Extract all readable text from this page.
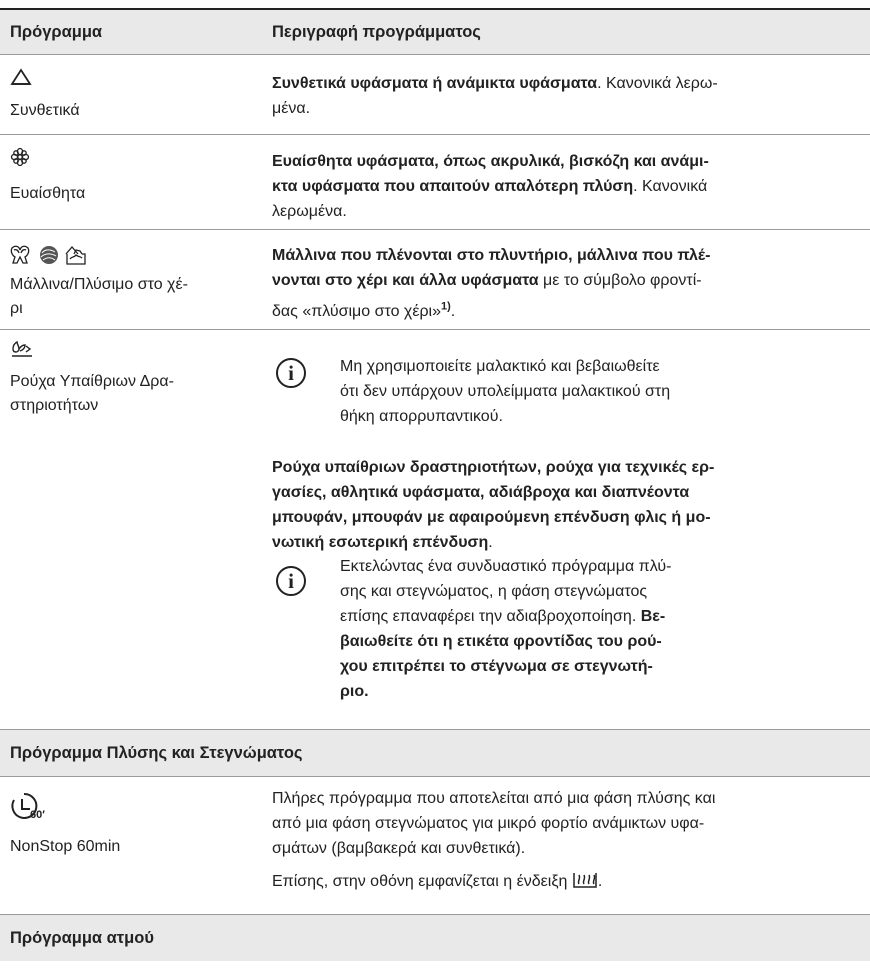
Πρόγραμμα	Περιγραφή προγράμματος
Συνθετικά
Συνθετικά υφάσματα ή ανάμικτα υφάσματα. Κανονικά λερω-
μένα.
Ευαίσθητα
Ευαίσθητα υφάσματα, όπως ακρυλικά, βισκόζη και ανάμι-
κτα υφάσματα που απαιτούν απαλότερη πλύση. Κανονικά
λερωμένα.
Μάλλινα/Πλύσιμο στο χέ-
ρι
Μάλλινα που πλένονται στο πλυντήριο, μάλλινα που πλέ-
νονται στο χέρι και άλλα υφάσματα με το σύμβολο φροντί-
δας «πλύσιμο στο χέρι»$^{1)}$.
Ρούχα Υπαίθριων Δρα-
στηριοτήτων
i	Μη χρησιμοποιείτε μαλακτικό και βεβαιωθείτε
ότι δεν υπάρχουν υπολείμματα μαλακτικού στη
θήκη απορρυπαντικού.
Ρούχα υπαίθριων δραστηριοτήτων, ρούχα για τεχνικές ερ-
γασίες, αθλητικά υφάσματα, αδιάβροχα και διαπνέοντα
μπουφάν, μπουφάν με αφαιρούμενη επένδυση φλις ή μο-
νωτική εσωτερική επένδυση.
i
Εκτελώντας ένα συνδυαστικό πρόγραμμα πλύ-
σης και στεγνώματος, η φάση στεγνώματος
επίσης επαναφέρει την αδιαβροχοποίηση. Βε-
βαιωθείτε ότι η ετικέτα φροντίδας του ρού-
χου επιτρέπει το στέγνωμα σε στεγνωτή-
ριο.
Πρόγραμμα Πλύσης και Στεγνώματος
60′
NonStop 60min
Πλήρες πρόγραμμα που αποτελείται από μια φάση πλύσης και
από μια φάση στεγνώματος για μικρό φορτίο ανάμικτων υφα-
σμάτων (βαμβακερά και συνθετικά).
Επίσης, στην οθόνη εμφανίζεται η ένδειξη .
Πρόγραμμα ατμού
